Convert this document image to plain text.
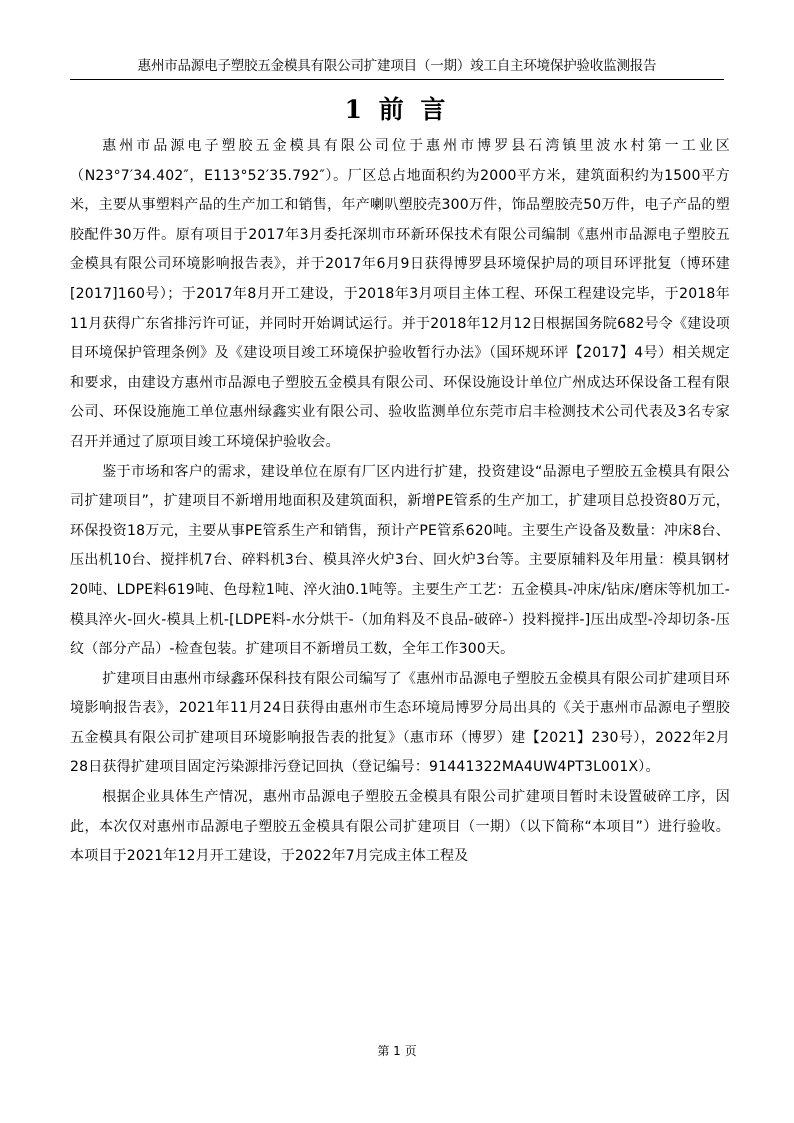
惠州市品源电子塑胶五金模具有限公司扩建项目（一期）竣工自主环境保护验收监测报告
1 前 言

惠州市品源电子塑胶五金模具有限公司位于惠州市博罗县石湾镇里波水村第一工业区（N23°7′34.402″，E113°52′35.792″）。厂区总占地面积约为2000平方米，建筑面积约为1500平方米，主要从事塑料产品的生产加工和销售，年产喇叭塑胶壳300万件，饰品塑胶壳50万件，电子产品的塑胶配件30万件。原有项目于2017年3月委托深圳市环新环保技术有限公司编制《惠州市品源电子塑胶五金模具有限公司环境影响报告表》，并于2017年6月9日获得博罗县环境保护局的项目环评批复（博环建[2017]160号）；于2017年8月开工建设，于2018年3月项目主体工程、环保工程建设完毕，于2018年11月获得广东省排污许可证，并同时开始调试运行。并于2018年12月12日根据国务院682号令《建设项目环境保护管理条例》及《建设项目竣工环境保护验收暂行办法》（国环规环评【2017】4号）相关规定和要求，由建设方惠州市品源电子塑胶五金模具有限公司、环保设施设计单位广州成达环保设备工程有限公司、环保设施施工单位惠州绿鑫实业有限公司、验收监测单位东莞市启丰检测技术公司代表及3名专家召开并通过了原项目竣工环境保护验收会。

鉴于市场和客户的需求，建设单位在原有厂区内进行扩建，投资建设“品源电子塑胶五金模具有限公司扩建项目”，扩建项目不新增用地面积及建筑面积，新增PE管系的生产加工，扩建项目总投资80万元，环保投资18万元，主要从事PE管系生产和销售，预计产PE管系620吨。主要生产设备及数量：冲床8台、压出机10台、搅拌机7台、碎料机3台、模具淬火炉3台、回火炉3台等。主要原辅料及年用量：模具钢材20吨、LDPE料619吨、色母粒1吨、淬火油0.1吨等。主要生产工艺：五金模具-冲床/钻床/磨床等机加工-模具淬火-回火-模具上机-[LDPE料-水分烘干-（加角料及不良品-破碎-）投料搅拌-]压出成型-冷却切条-压纹（部分产品）-检查包装。扩建项目不新增员工数，全年工作300天。

扩建项目由惠州市绿鑫环保科技有限公司编写了《惠州市品源电子塑胶五金模具有限公司扩建项目环境影响报告表》，2021年11月24日获得由惠州市生态环境局博罗分局出具的《关于惠州市品源电子塑胶五金模具有限公司扩建项目环境影响报告表的批复》（惠市环（博罗）建【2021】230号），2022年2月28日获得扩建项目固定污染源排污登记回执（登记编号：91441322MA4UW4PT3L001X）。

根据企业具体生产情况，惠州市品源电子塑胶五金模具有限公司扩建项目暂时未设置破碎工序，因此，本次仅对惠州市品源电子塑胶五金模具有限公司扩建项目（一期）（以下简称“本项目”）进行验收。本项目于2021年12月开工建设，于2022年7月完成主体工程及

第 1 页
